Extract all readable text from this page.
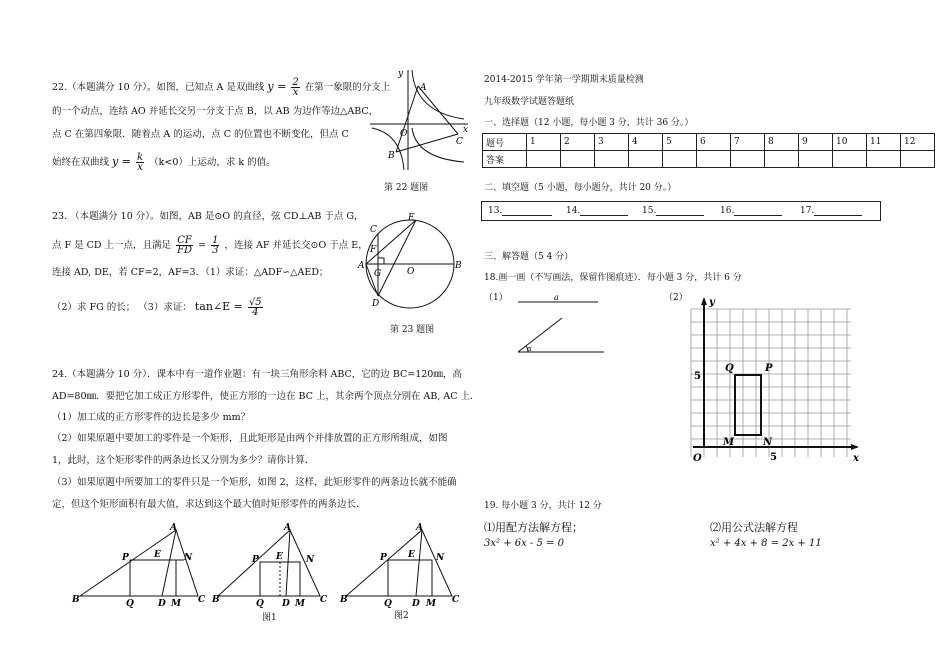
22.（本题满分 10 分）。如图，已知点 A 是双曲线 $y = \frac{2}{x}$ 在第一象限的分支上
的一个动点，连结 AO 并延长交另一分支于点 B，以 AB 为边作等边△ABC，
点 C 在第四象限．随着点 A 的运动，点 C 的位置也不断变化，但点 C
始终在双曲线 $y = \frac{k}{x} (k<0)$上运动，求 k 的值。
y
A
O	x
B
C
第 22 题图
23. （本题满分 10 分）。如图，AB 是⊙O 的直径，弦 CD⊥AB 于点 G，
点 F 是 CD 上一点，且满足 $\frac{CF}{FD} = \frac{1}{3}$ ，连接 AF 并延长交⊙O 于点 E，
连接 AD, DE，若 CF=2，AF=3．（1）求证：△ADF∽△AED；
（2）求 FG 的长； （3）求证： tan∠E = $\frac{√5}{4}$
E
C
F
A
G	O
B
D
第 23 题图
24.（本题满分 10 分）．课本中有一道作业题：有一块三角形余料 ABC，它的边 BC=120㎜，高
AD=80㎜．要把它加工成正方形零件，使正方形的一边在 BC 上，其余两个顶点分别在 AB, AC 上．
（1）加工成的正方形零件的边长是多少 mm？
（2）如果原题中要加工的零件是一个矩形，且此矩形是由两个并排放置的正方形所组成，如图
1，此时，这个矩形零件的两条边长又分别为多少？请你计算．
（3）如果原题中所要加工的零件只是一个矩形，如图 2，这样，此矩形零件的两条边长就不能确
定，但这个矩形面积有最大值，求达到这个最大值时矩形零件的两条边长．
A
P	E	N
B	Q	D M C
A
P E	N
B	Q D M C
图1
A
P E N
B	Q D M C
图2
2014-2015 学年第一学期期末质量检测
九年级数学试题答题纸
一、选择题（12 小题，每小题 3 分，共计 36 分。）
题号	1	2	3	4	5	6	7	8	9	10	11	12
答案												
二、填空题（5 小题，每小题分，共计 20 分。）
13.	14.	15.	16.	17.
三、解答题（5 4 分）
18.画一画（不写画法，保留作图痕迹）．每小题 3 分，共计 6 分
（1）	（2）
a
α
y
x
O
5
5
Q	P
M	N
19. 每小题 3 分，共计 12 分
⑴用配方法解方程；
3x² + 6x - 5 = 0
⑵用公式法解方程
x² + 4x + 8 = 2x + 11
